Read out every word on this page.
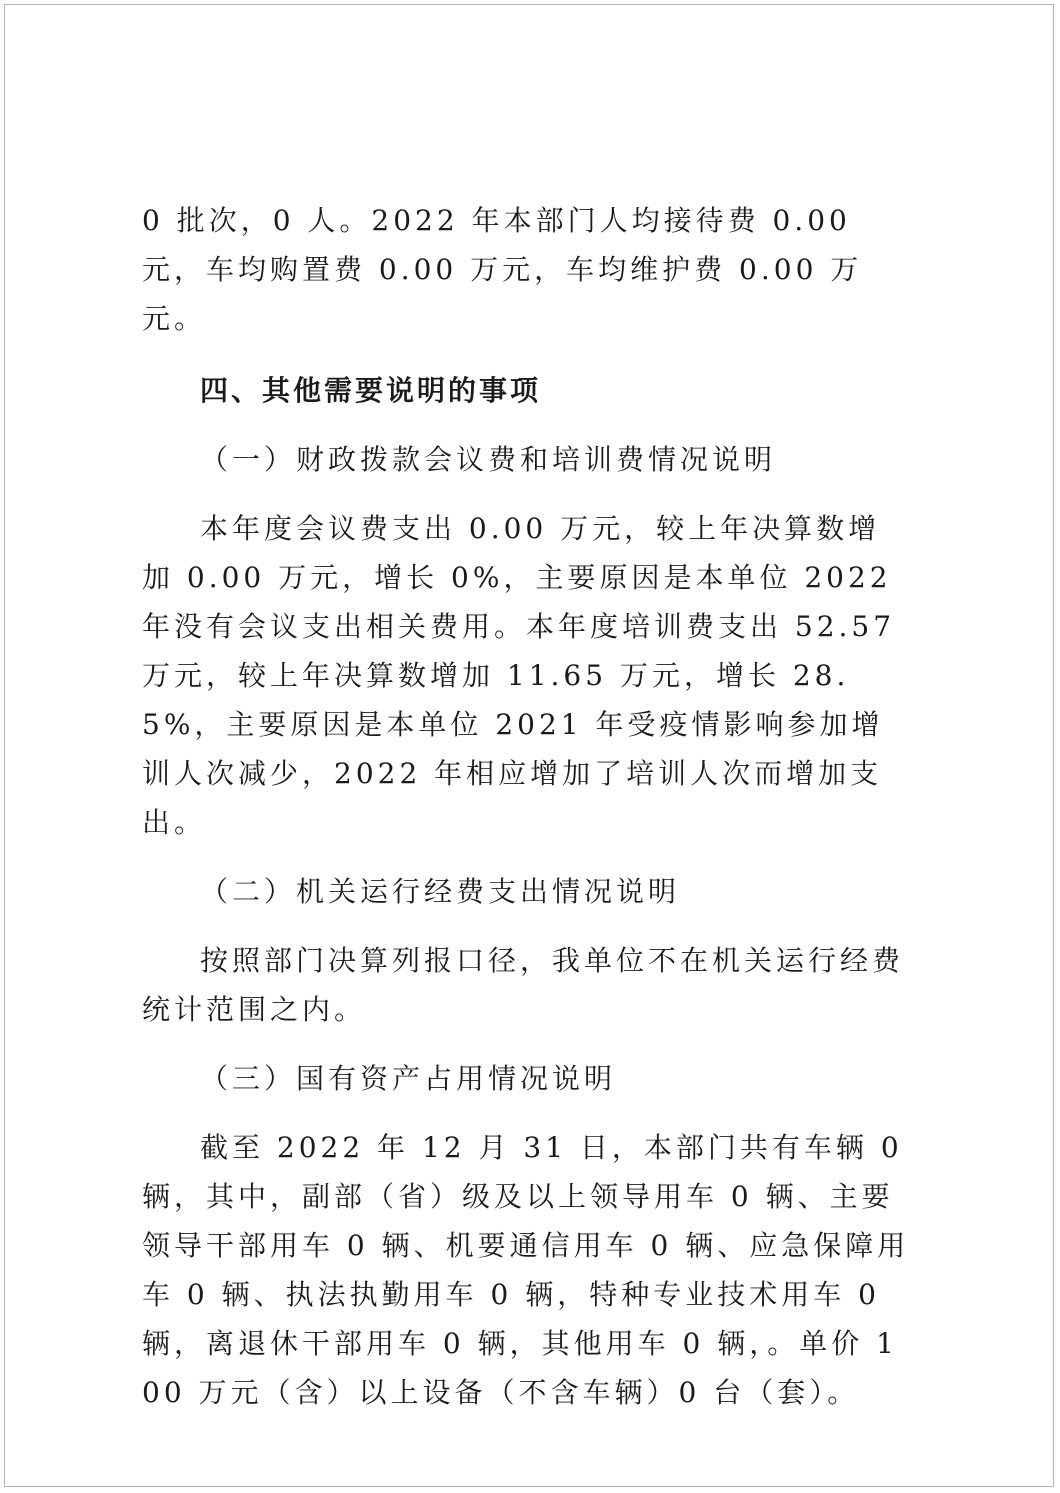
0 批次，0 人。2022 年本部门人均接待费 0.00 元，车均购置费 0.00 万元，车均维护费 0.00 万元。

四、其他需要说明的事项

（一）财政拨款会议费和培训费情况说明

本年度会议费支出 0.00 万元，较上年决算数增加 0.00 万元，增长 0%，主要原因是本单位 2022 年没有会议支出相关费用。本年度培训费支出 52.57 万元，较上年决算数增加 11.65 万元，增长 28.5%，主要原因是本单位 2021 年受疫情影响参加增训人次减少，2022 年相应增加了培训人次而增加支出。

（二）机关运行经费支出情况说明

按照部门决算列报口径，我单位不在机关运行经费统计范围之内。

（三）国有资产占用情况说明

截至 2022 年 12 月 31 日，本部门共有车辆 0 辆，其中，副部（省）级及以上领导用车 0 辆、主要领导干部用车 0 辆、机要通信用车 0 辆、应急保障用车 0 辆、执法执勤用车 0 辆，特种专业技术用车 0 辆，离退休干部用车 0 辆，其他用车 0 辆，。单价 100 万元（含）以上设备（不含车辆）0 台（套）。
